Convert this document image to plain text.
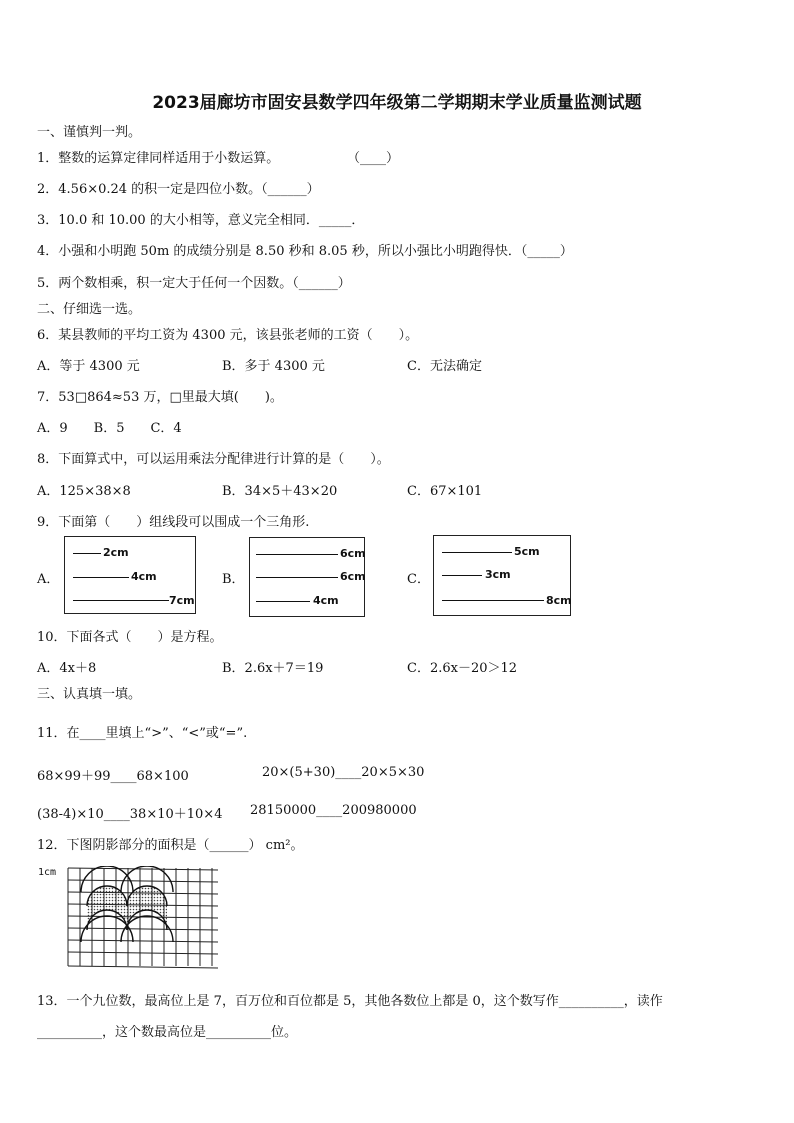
2023届廊坊市固安县数学四年级第二学期期末学业质量监测试题
一、谨慎判一判。
1．整数的运算定律同样适用于小数运算。	（____）
2．4.56×0.24 的积一定是四位小数。（______）
3．10.0 和 10.00 的大小相等，意义完全相同．_____．
4．小强和小明跑 50m 的成绩分别是 8.50 秒和 8.05 秒，所以小强比小明跑得快．（_____）
5．两个数相乘，积一定大于任何一个因数。（______）
二、仔细选一选。
6．某县教师的平均工资为 4300 元，该县张老师的工资（　　）。
A．等于 4300 元	B．多于 4300 元	C．无法确定
7．53□864≈53 万，□里最大填(　　)。
A．9　　B．5　　C．4
8．下面算式中，可以运用乘法分配律进行计算的是（　　）。
A．125×38×8	B．34×5＋43×20	C．67×101
9．下面第（　　）组线段可以围成一个三角形.
A．
2cm
4cm
7cm
B．
6cm
6cm
4cm
C．
5cm
3cm
8cm
10．下面各式（　　）是方程。
A．4x＋8	B．2.6x＋7＝19	C．2.6x－20＞12
三、认真填一填。
11．在____里填上“>”、“<”或“=”.
68×99＋99____68×100	20×(5+30)____20×5×30
(38-4)×10____38×10＋10×4 28150000____200980000
12．下图阴影部分的面积是（______） cm²。
1cm
13．一个九位数，最高位上是 7，百万位和百位都是 5，其他各数位上都是 0，这个数写作__________，读作
__________，这个数最高位是__________位。
